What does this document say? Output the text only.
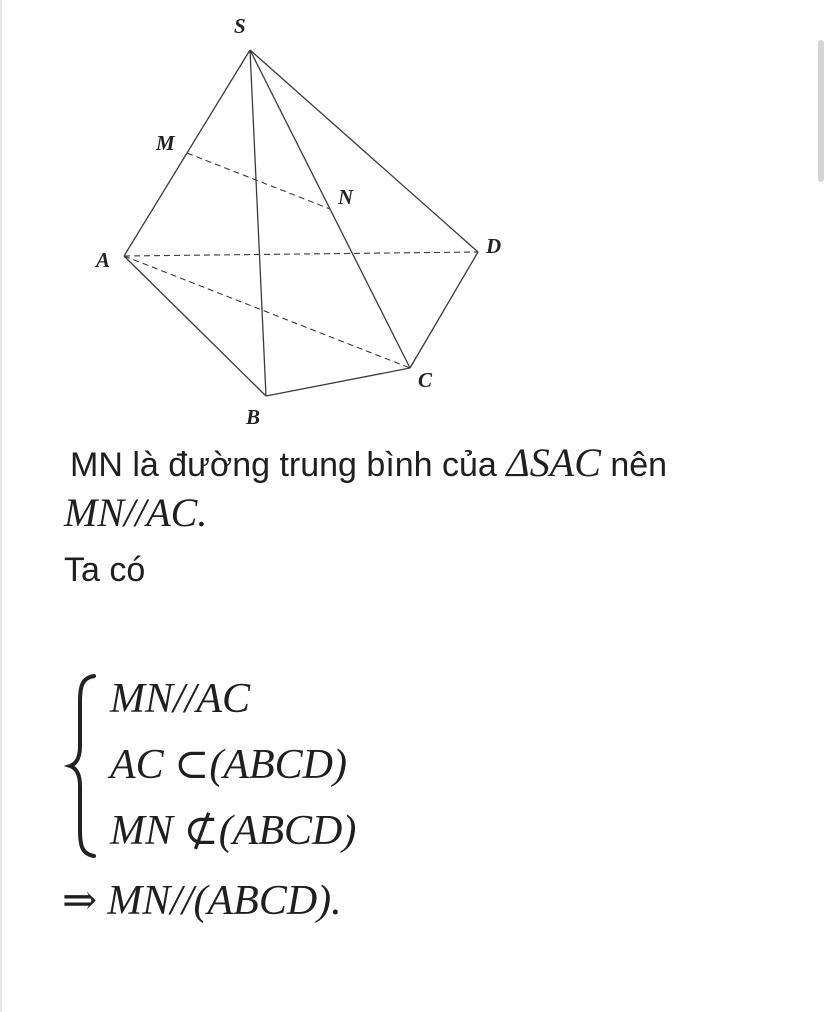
S
M
N
A
D
B
C
MN là đường trung bình của ΔSAC nên
MN//AC.
Ta có
MN//AC
AC ⊂(ABCD)
MN ⊄(ABCD)
⇒ MN//(ABCD).
